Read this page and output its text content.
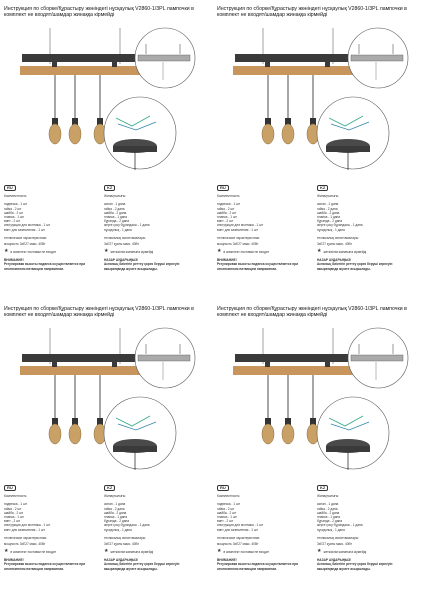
Инструкция по сборке/Құрастыру жөніндегі нұсқаулық V2860-1/3PL лампочки в комплект не входят/шамдар жинаққа кірмейді
RU
Комплектность:
подвеска - 1 шт
гайка - 2 шт
шайба - 2 шт
планка - 1 шт
винт - 2 шт
инструкция для монтажа - 1 шт
винт для заземления - 1 шт
технические характеристики:
мощность 3xE27 макс. 40Вт
★ в комплект поставки не входит
ВНИМАНИЕ!
Регулировка высоты подвеса осуществляется при отключенном питающем напряжении.
KZ
Жинақтылығы:
аспап - 1 дана
гайка - 2 дана
шайба - 2 дана
планка - 1 дана
бұранда - 2 дана
жерге қосу бұрандасы - 1 дана
нұсқаулық - 1 дана
техникалық сипаттамалары:
3xE27 қуаты макс. 40Вт
★ жеткізілім жинағына кірмейді
НАЗАР АУДАРЫҢЫЗ!
Аспаның биіктігін реттеу қорек беруші кернеуін ажыратқанда жүзеге асырылады.
Инструкция по сборке/Құрастыру жөніндегі нұсқаулық V2860-1/3PL лампочки в комплект не входят/шамдар жинаққа кірмейді
RU
Комплектность:
подвеска - 1 шт
гайка - 2 шт
шайба - 2 шт
планка - 1 шт
винт - 2 шт
инструкция для монтажа - 1 шт
винт для заземления - 1 шт
технические характеристики:
мощность 3xE27 макс. 40Вт
★ в комплект поставки не входит
ВНИМАНИЕ!
Регулировка высоты подвеса осуществляется при отключенном питающем напряжении.
KZ
Жинақтылығы:
аспап - 1 дана
гайка - 2 дана
шайба - 2 дана
планка - 1 дана
бұранда - 2 дана
жерге қосу бұрандасы - 1 дана
нұсқаулық - 1 дана
техникалық сипаттамалары:
3xE27 қуаты макс. 40Вт
★ жеткізілім жинағына кірмейді
НАЗАР АУДАРЫҢЫЗ!
Аспаның биіктігін реттеу қорек беруші кернеуін ажыратқанда жүзеге асырылады.
Инструкция по сборке/Құрастыру жөніндегі нұсқаулық V2860-1/3PL лампочки в комплект не входят/шамдар жинаққа кірмейді
RU
Комплектность:
подвеска - 1 шт
гайка - 2 шт
шайба - 2 шт
планка - 1 шт
винт - 2 шт
инструкция для монтажа - 1 шт
винт для заземления - 1 шт
технические характеристики:
мощность 3xE27 макс. 40Вт
★ в комплект поставки не входит
ВНИМАНИЕ!
Регулировка высоты подвеса осуществляется при отключенном питающем напряжении.
KZ
Жинақтылығы:
аспап - 1 дана
гайка - 2 дана
шайба - 2 дана
планка - 1 дана
бұранда - 2 дана
жерге қосу бұрандасы - 1 дана
нұсқаулық - 1 дана
техникалық сипаттамалары:
3xE27 қуаты макс. 40Вт
★ жеткізілім жинағына кірмейді
НАЗАР АУДАРЫҢЫЗ!
Аспаның биіктігін реттеу қорек беруші кернеуін ажыратқанда жүзеге асырылады.
Инструкция по сборке/Құрастыру жөніндегі нұсқаулық V2860-1/3PL лампочки в комплект не входят/шамдар жинаққа кірмейді
RU
Комплектность:
подвеска - 1 шт
гайка - 2 шт
шайба - 2 шт
планка - 1 шт
винт - 2 шт
инструкция для монтажа - 1 шт
винт для заземления - 1 шт
технические характеристики:
мощность 3xE27 макс. 40Вт
★ в комплект поставки не входит
ВНИМАНИЕ!
Регулировка высоты подвеса осуществляется при отключенном питающем напряжении.
KZ
Жинақтылығы:
аспап - 1 дана
гайка - 2 дана
шайба - 2 дана
планка - 1 дана
бұранда - 2 дана
жерге қосу бұрандасы - 1 дана
нұсқаулық - 1 дана
техникалық сипаттамалары:
3xE27 қуаты макс. 40Вт
★ жеткізілім жинағына кірмейді
НАЗАР АУДАРЫҢЫЗ!
Аспаның биіктігін реттеу қорек беруші кернеуін ажыратқанда жүзеге асырылады.
